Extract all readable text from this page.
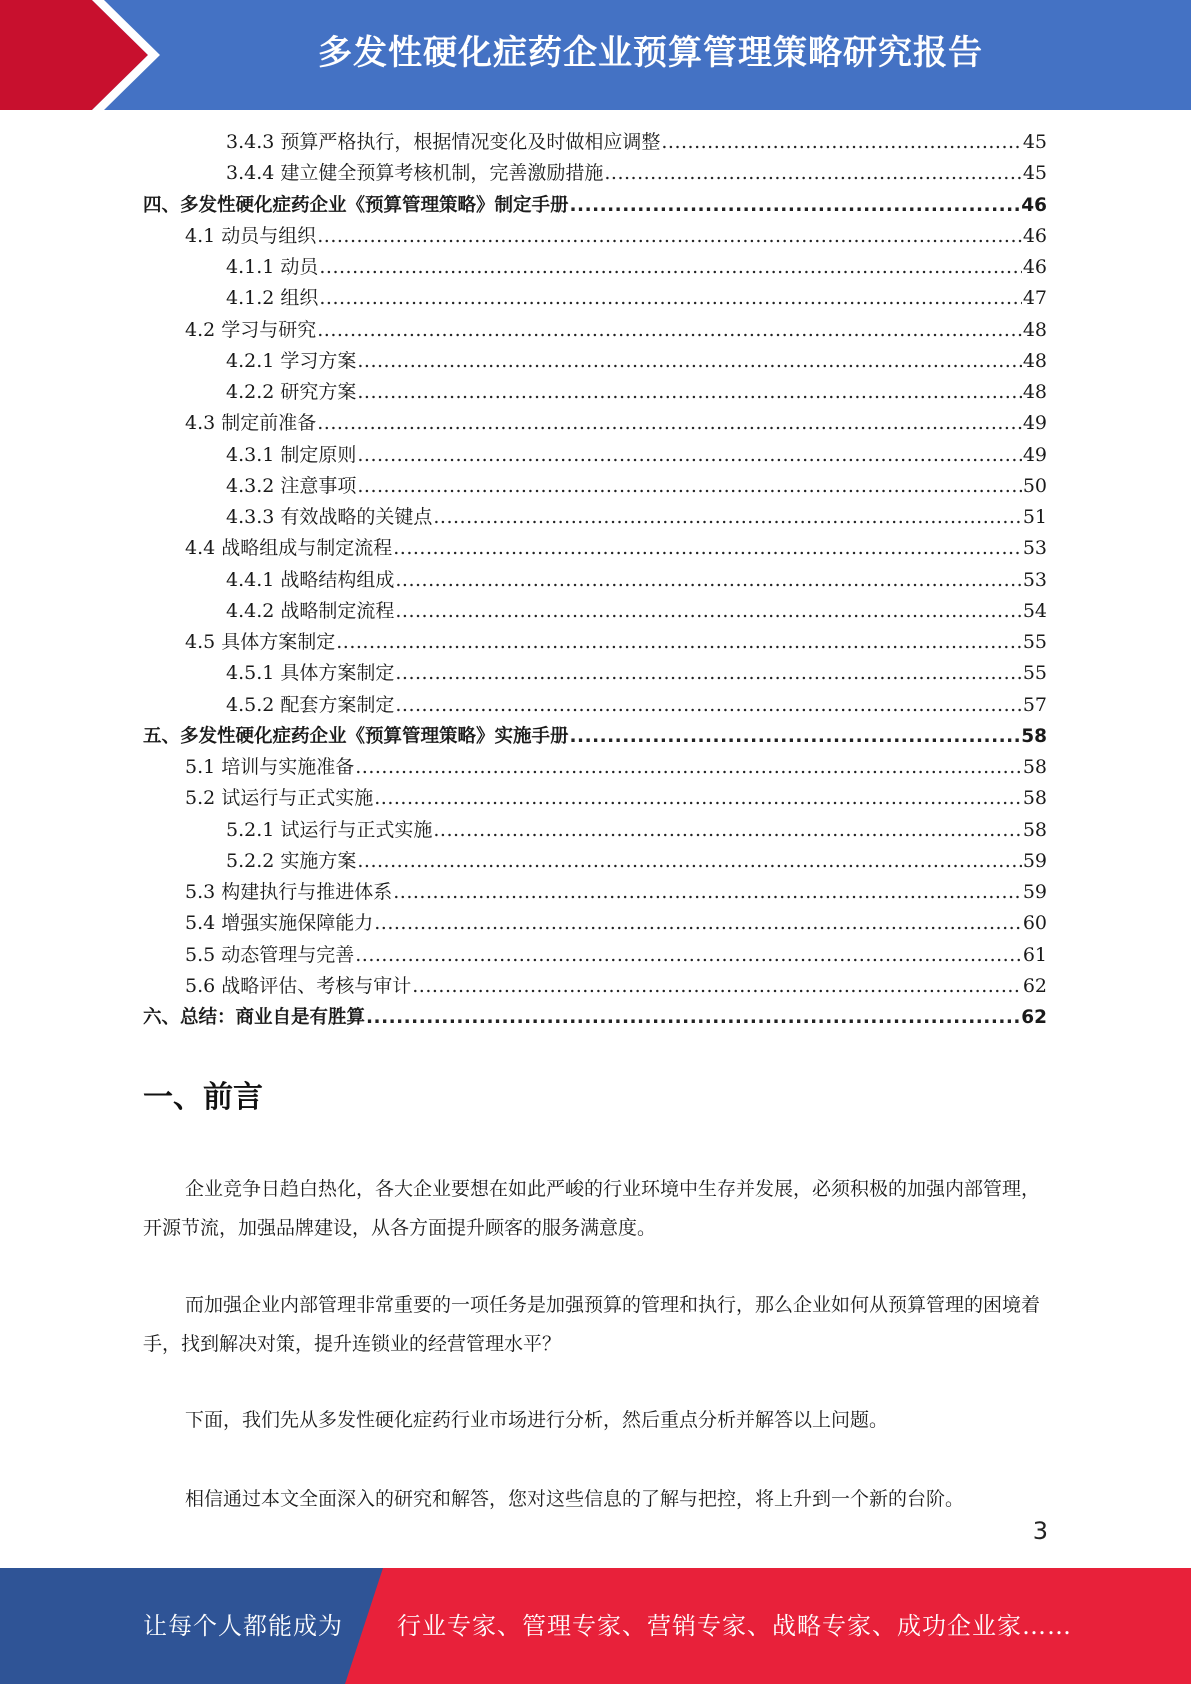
多发性硬化症药企业预算管理策略研究报告
3.4.3 预算严格执行，根据情况变化及时做相应调整 .....	45
3.4.4 建立健全预算考核机制，完善激励措施 .....	45
四、多发性硬化症药企业《预算管理策略》制定手册 .....	46
4.1 动员与组织 .....	46
4.1.1 动员 .....	46
4.1.2 组织 .....	47
4.2 学习与研究 .....	48
4.2.1 学习方案 .....	48
4.2.2 研究方案 .....	48
4.3 制定前准备 .....	49
4.3.1 制定原则 .....	49
4.3.2 注意事项 .....	50
4.3.3 有效战略的关键点 .....	51
4.4 战略组成与制定流程 .....	53
4.4.1 战略结构组成 .....	53
4.4.2 战略制定流程 .....	54
4.5 具体方案制定 .....	55
4.5.1 具体方案制定 .....	55
4.5.2 配套方案制定 .....	57
五、多发性硬化症药企业《预算管理策略》实施手册 .....	58
5.1 培训与实施准备 .....	58
5.2 试运行与正式实施 .....	58
5.2.1 试运行与正式实施 .....	58
5.2.2 实施方案 .....	59
5.3 构建执行与推进体系 .....	59
5.4 增强实施保障能力 .....	60
5.5 动态管理与完善 .....	61
5.6 战略评估、考核与审计 .....	62
六、总结：商业自是有胜算 .....	62
一、前言

企业竞争日趋白热化，各大企业要想在如此严峻的行业环境中生存并发展，必须积极的加强内部管理，开源节流，加强品牌建设，从各方面提升顾客的服务满意度。

而加强企业内部管理非常重要的一项任务是加强预算的管理和执行，那么企业如何从预算管理的困境着手，找到解决对策，提升连锁业的经营管理水平？

下面，我们先从多发性硬化症药行业市场进行分析，然后重点分析并解答以上问题。

相信通过本文全面深入的研究和解答，您对这些信息的了解与把控，将上升到一个新的台阶。

3
让每个人都能成为 行业专家、管理专家、营销专家、战略专家、成功企业家……
